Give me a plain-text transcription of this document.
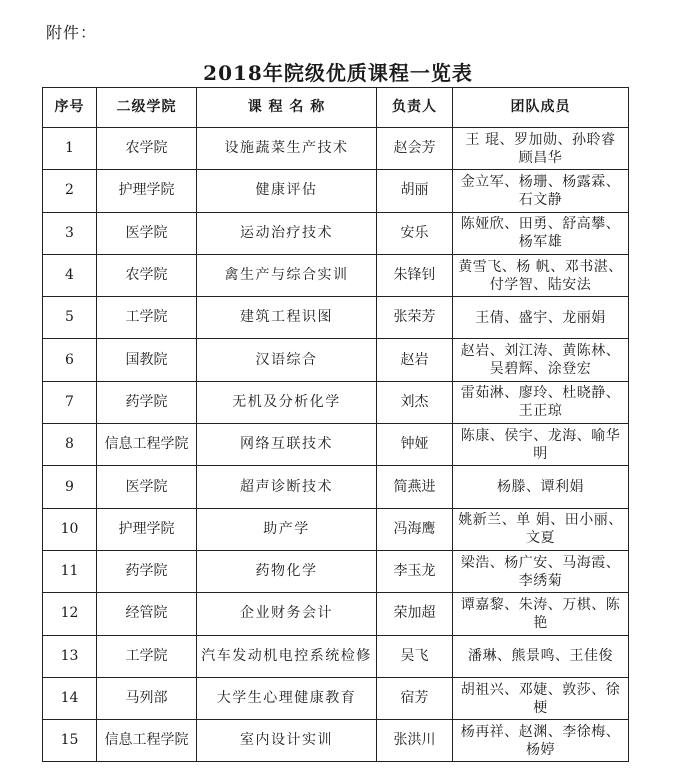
附件：
2018年院级优质课程一览表
序号	二级学院	课 程 名 称	负责人	团队成员
1	农学院	设施蔬菜生产技术	赵会芳	王 琨、罗加勋、孙聆睿 顾昌华
2	护理学院	健康评估	胡丽	金立军、杨珊、杨露霖、石文静
3	医学院	运动治疗技术	安乐	陈娅欣、田勇、舒高攀、杨军雄
4	农学院	禽生产与综合实训	朱锋钊	黄雪飞、杨 帆、邓书湛、付学智、陆安法
5	工学院	建筑工程识图	张荣芳	王倩、盛宇、龙丽娟
6	国教院	汉语综合	赵岩	赵岩、刘江涛、黄陈林、吴碧辉、涂登宏
7	药学院	无机及分析化学	刘杰	雷茹淋、廖玲、杜晓静、王正琼
8	信息工程学院	网络互联技术	钟娅	陈康、侯宇、龙海、喻华明
9	医学院	超声诊断技术	简燕进	杨滕、谭利娟
10	护理学院	助产学	冯海鹰	姚新兰、单 娟、田小丽、文夏
11	药学院	药物化学	李玉龙	梁浩、杨广安、马海霞、李绣菊
12	经管院	企业财务会计	荣加超	谭嘉黎、朱涛、万棋、陈艳
13	工学院	汽车发动机电控系统检修	吴飞	潘琳、熊景鸣、王佳俊
14	马列部	大学生心理健康教育	宿芳	胡祖兴、邓婕、敦莎、徐梗
15	信息工程学院	室内设计实训	张洪川	杨再祥、赵渊、李徐梅、杨婷
